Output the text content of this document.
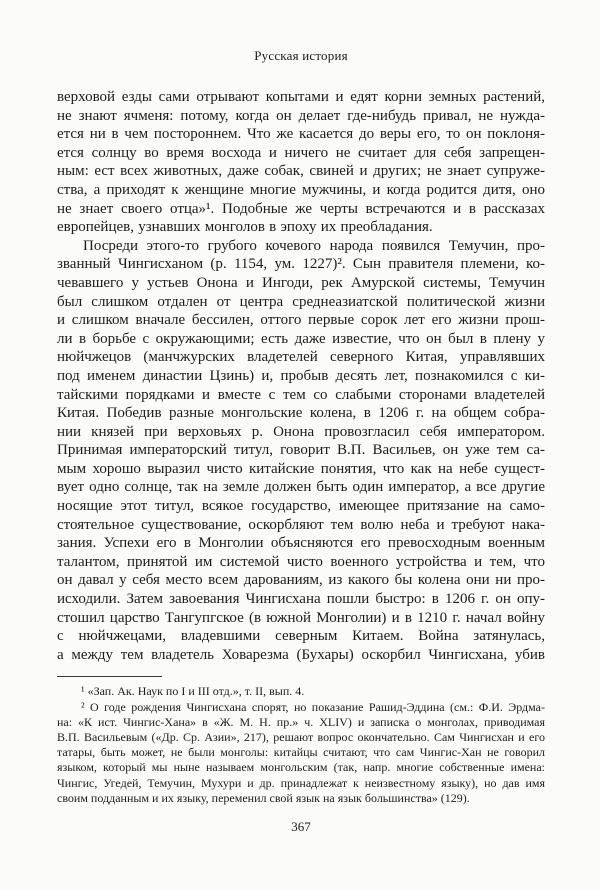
Русская история
верховой езды сами отрывают копытами и едят корни земных растений,
не знают ячменя: потому, когда он делает где-нибудь привал, не нужда-
ется ни в чем постороннем. Что же касается до веры его, то он поклоня-
ется солнцу во время восхода и ничего не считает для себя запрещен-
ным: ест всех животных, даже собак, свиней и других; не знает супруже-
ства, а приходят к женщине многие мужчины, и когда родится дитя, оно
не знает своего отца»¹. Подобные же черты встречаются и в рассказах
европейцев, узнавших монголов в эпоху их преобладания.
Посреди этого-то грубого кочевого народа появился Темучин, про-
званный Чингисханом (р. 1154, ум. 1227)². Сын правителя племени, ко-
чевавшего у устьев Онона и Ингоди, рек Амурской системы, Темучин
был слишком отдален от центра среднеазиатской политической жизни
и слишком вначале бессилен, оттого первые сорок лет его жизни прош-
ли в борьбе с окружающими; есть даже известие, что он был в плену у
нюйчжецов (манчжурских владетелей северного Китая, управлявших
под именем династии Цзинь) и, пробыв десять лет, познакомился с ки-
тайскими порядками и вместе с тем со слабыми сторонами владетелей
Китая. Победив разные монгольские колена, в 1206 г. на общем собра-
нии князей при верховьях р. Онона провозгласил себя императором.
Принимая императорский титул, говорит В.П. Васильев, он уже тем са-
мым хорошо выразил чисто китайские понятия, что как на небе сущест-
вует одно солнце, так на земле должен быть один император, а все другие
носящие этот титул, всякое государство, имеющее притязание на само-
стоятельное существование, оскорбляют тем волю неба и требуют нака-
зания. Успехи его в Монголии объясняются его превосходным военным
талантом, принятой им системой чисто военного устройства и тем, что
он давал у себя место всем дарованиям, из какого бы колена они ни про-
исходили. Затем завоевания Чингисхана пошли быстро: в 1206 г. он опу-
стошил царство Тангупгское (в южной Монголии) и в 1210 г. начал войну
с нюйчжецами, владевшими северным Китаем. Война затянулась,
а между тем владетель Ховарезма (Бухары) оскорбил Чингисхана, убив
¹ «Зап. Ак. Наук по I и III отд.», т. II, вып. 4.
² О годе рождения Чингисхана спорят, но показание Рашид-Эддина (см.: Ф.И. Эрдма-
на: «К ист. Чингис-Хана» в «Ж. М. Н. пр.» ч. XLIV) и записка о монголах, приводимая
В.П. Васильевым («Др. Ср. Азии», 217), решают вопрос окончательно. Сам Чингисхан и его
татары, быть может, не были монголы: китайцы считают, что сам Чингис-Хан не говорил
языком, который мы ныне называем монгольским (так, напр. многие собственные имена:
Чингис, Угедей, Темучин, Мухури и др. принадлежат к неизвестному языку), но дав имя
своим подданным и их языку, переменил свой язык на язык большинства» (129).
367
